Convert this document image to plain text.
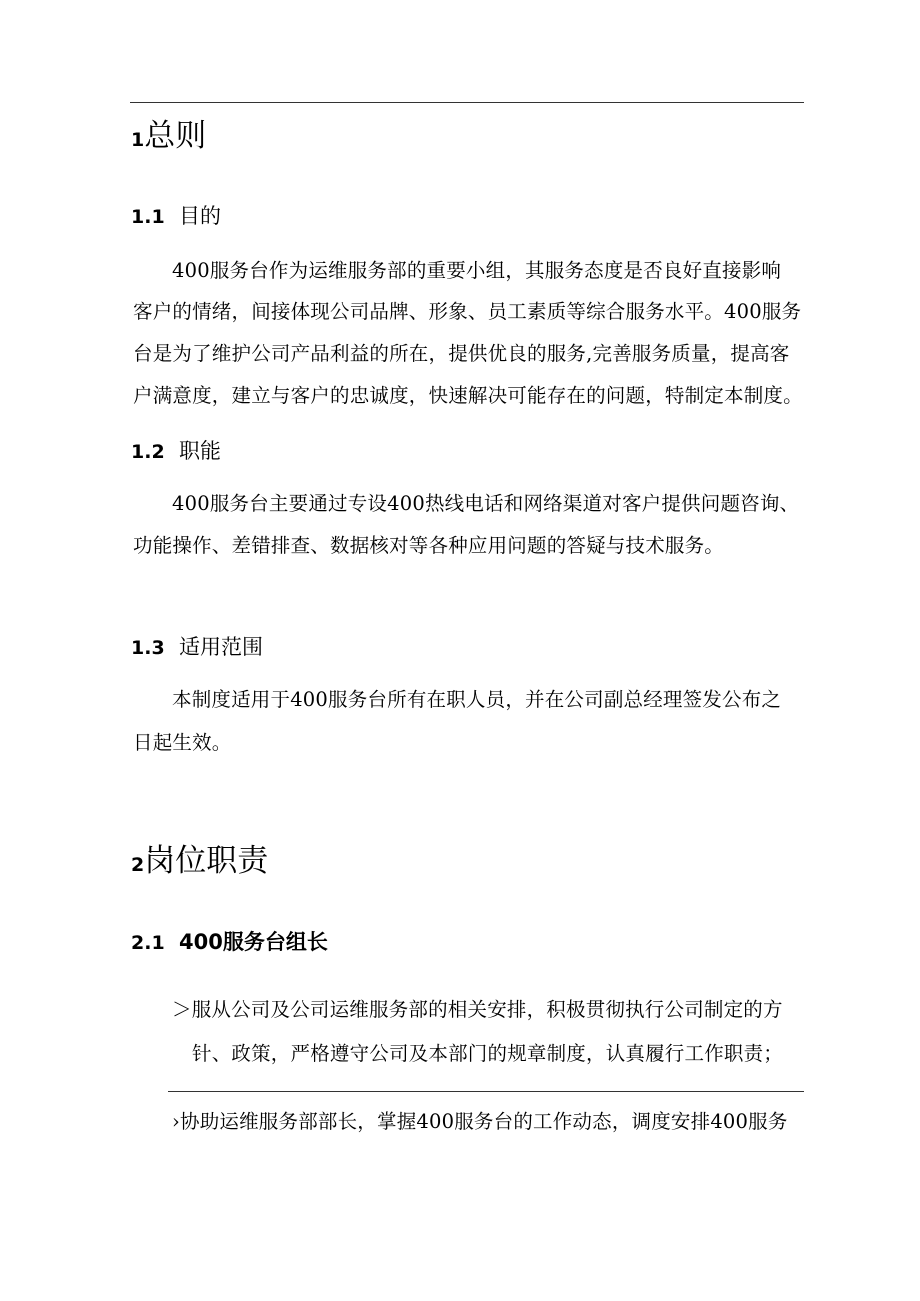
1总则
1.1 目的
400服务台作为运维服务部的重要小组，其服务态度是否良好直接影响
客户的情绪，间接体现公司品牌、形象、员工素质等综合服务水平。400服务
台是为了维护公司产品利益的所在，提供优良的服务,完善服务质量，提高客
户满意度，建立与客户的忠诚度，快速解决可能存在的问题，特制定本制度。
1.2 职能
400服务台主要通过专设400热线电话和网络渠道对客户提供问题咨询、
功能操作、差错排查、数据核对等各种应用问题的答疑与技术服务。
1.3 适用范围
本制度适用于400服务台所有在职人员，并在公司副总经理签发公布之
日起生效。
2岗位职责
2.1 400服务台组长
＞服从公司及公司运维服务部的相关安排，积极贯彻执行公司制定的方
针、政策，严格遵守公司及本部门的规章制度，认真履行工作职责；
›协助运维服务部部长，掌握400服务台的工作动态，调度安排400服务
